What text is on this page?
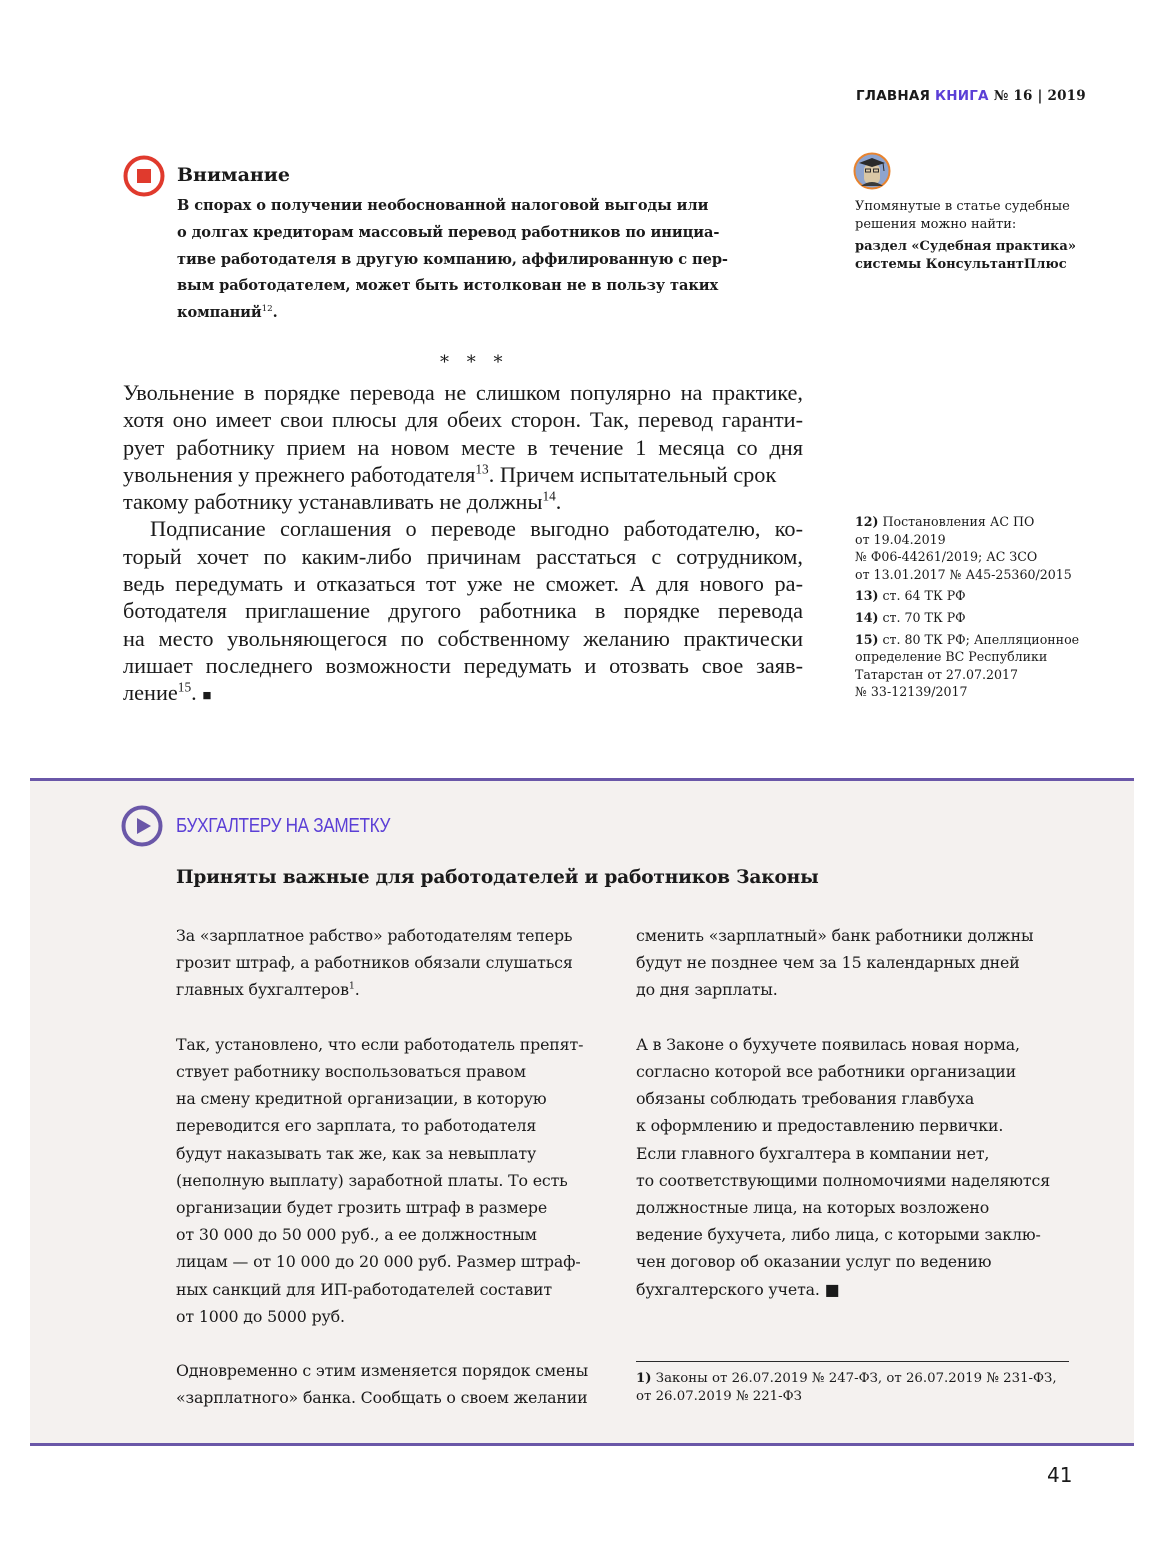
ГЛАВНАЯ КНИГА № 16 | 2019
Внимание
В спорах о получении необоснованной налоговой выгоды или
о долгах кредиторам массовый перевод работников по инициа-
тиве работодателя в другую компанию, аффилированную с пер-
вым работодателем, может быть истолкован не в пользу таких
компаний$^{12}$.
Упомянутые в статье судебные
решения можно найти:
раздел «Судебная практика»
системы КонсультантПлюс
* * *
Увольнение в порядке перевода не слишком популярно на практике,
хотя оно имеет свои плюсы для обеих сторон. Так, перевод гаранти-
рует работнику прием на новом месте в течение 1 месяца со дня
увольнения у прежнего работодателя$^{13}$. Причем испытательный срок
такому работнику устанавливать не должны$^{14}$.
Подписание соглашения о переводе выгодно работодателю, ко-
торый хочет по каким-либо причинам расстаться с сотрудником,
ведь передумать и отказаться тот уже не сможет. А для нового ра-
ботодателя приглашение другого работника в порядке перевода
на место увольняющегося по собственному желанию практически
лишает последнего возможности передумать и отозвать свое заяв-
ление$^{15}$. ■
12) Постановления АС ПО
от 19.04.2019
№ Ф06-44261/2019; АС ЗСО
от 13.01.2017 № А45-25360/2015
13) ст. 64 ТК РФ
14) ст. 70 ТК РФ
15) ст. 80 ТК РФ; Апелляционное
определение ВС Республики
Татарстан от 27.07.2017
№ 33-12139/2017
БУХГАЛТЕРУ НА ЗАМЕТКУ
Приняты важные для работодателей и работников Законы
За «зарплатное рабство» работодателям теперь
грозит штраф, а работников обязали слушаться
главных бухгалтеров$^1$.
Так, установлено, что если работодатель препят-
ствует работнику воспользоваться правом
на смену кредитной организации, в которую
переводится его зарплата, то работодателя
будут наказывать так же, как за невыплату
(неполную выплату) заработной платы. То есть
организации будет грозить штраф в размере
от 30 000 до 50 000 руб., а ее должностным
лицам — от 10 000 до 20 000 руб. Размер штраф-
ных санкций для ИП-работодателей составит
от 1000 до 5000 руб.
Одновременно с этим изменяется порядок смены
«зарплатного» банка. Сообщать о своем желании
сменить «зарплатный» банк работники должны
будут не позднее чем за 15 календарных дней
до дня зарплаты.
А в Законе о бухучете появилась новая норма,
согласно которой все работники организации
обязаны соблюдать требования главбуха
к оформлению и предоставлению первички.
Если главного бухгалтера в компании нет,
то соответствующими полномочиями наделяются
должностные лица, на которых возложено
ведение бухучета, либо лица, с которыми заклю-
чен договор об оказании услуг по ведению
бухгалтерского учета. ■
1) Законы от 26.07.2019 № 247-ФЗ, от 26.07.2019 № 231-ФЗ,
от 26.07.2019 № 221-ФЗ
41
